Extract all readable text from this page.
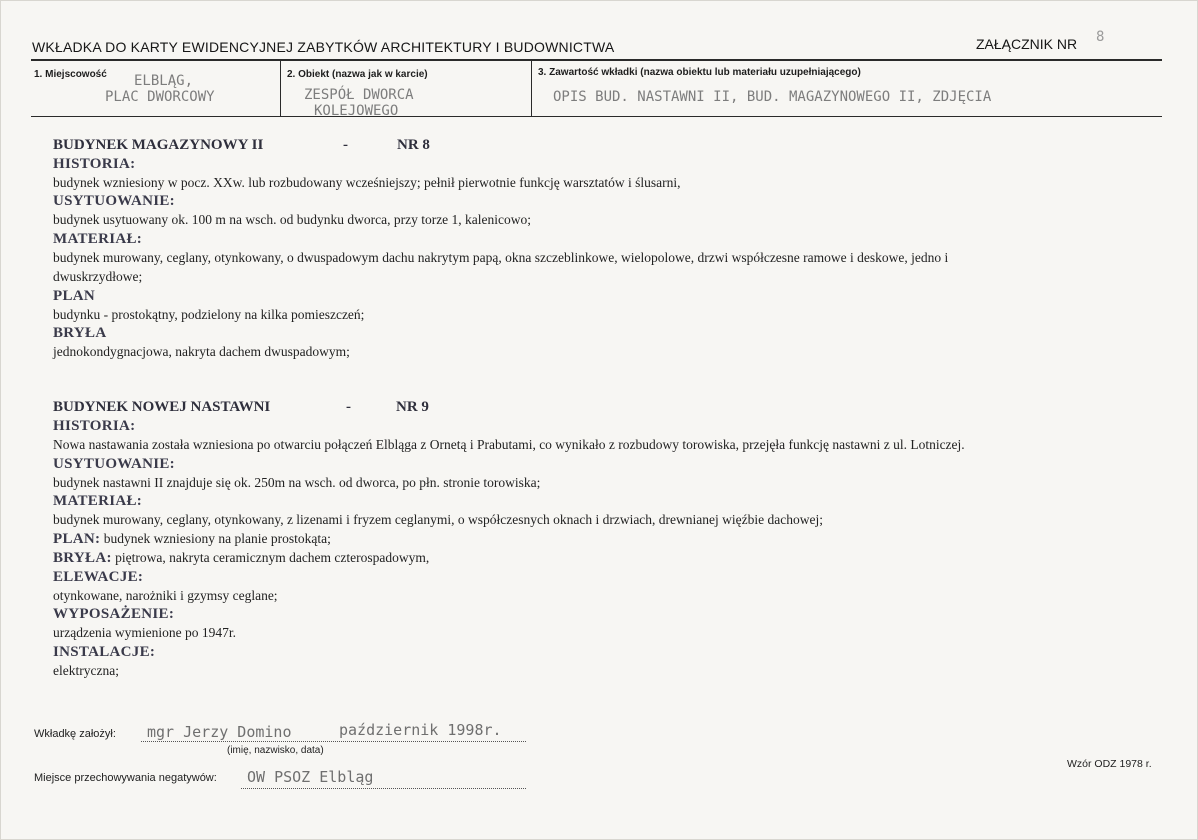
WKŁADKA DO KARTY EWIDENCYJNEJ ZABYTKÓW ARCHITEKTURY I BUDOWNICTWA	ZAŁĄCZNIK NR 8
1. Miejscowość ELBLĄG,
PLAC DWORCOWY
2. Obiekt (nazwa jak w karcie)
ZESPÓŁ DWORCA
KOLEJOWEGO
3. Zawartość wkładki (nazwa obiektu lub materiału uzupełniającego)
OPIS BUD. NASTAWNI II, BUD. MAGAZYNOWEGO II, ZDJĘCIA
BUDYNEK MAGAZYNOWY II	-	NR 8
HISTORIA:
budynek wzniesiony w pocz. XXw. lub rozbudowany wcześniejszy; pełnił pierwotnie funkcję warsztatów i ślusarni,
USYTUOWANIE:
budynek usytuowany ok. 100 m na wsch. od budynku dworca, przy torze 1, kalenicowo;
MATERIAŁ:
budynek murowany, ceglany, otynkowany, o dwuspadowym dachu nakrytym papą, okna szczeblinkowe, wielopolowe, drzwi współczesne ramowe i deskowe, jedno i
dwuskrzydłowe;
PLAN
budynku - prostokątny, podzielony na kilka pomieszczeń;
BRYŁA
jednokondygnacjowa, nakryta dachem dwuspadowym;
BUDYNEK NOWEJ NASTAWNI	-	NR 9
HISTORIA:
Nowa nastawania została wzniesiona po otwarciu połączeń Elbląga z Ornetą i Prabutami, co wynikało z rozbudowy torowiska, przejęła funkcję nastawni z ul. Lotniczej.
USYTUOWANIE:
budynek nastawni II znajduje się ok. 250m na wsch. od dworca, po płn. stronie torowiska;
MATERIAŁ:
budynek murowany, ceglany, otynkowany, z lizenami i fryzem ceglanymi, o współczesnych oknach i drzwiach, drewnianej więźbie dachowej;
PLAN: budynek wzniesiony na planie prostokąta;
BRYŁA: piętrowa, nakryta ceramicznym dachem czterospadowym,
ELEWACJE:
otynkowane, narożniki i gzymsy ceglane;
WYPOSAŻENIE:
urządzenia wymienione po 1947r.
INSTALACJE:
elektryczna;
Wkładkę założył: mgr Jerzy Domino	październik 1998r.
(imię, nazwisko, data)
Miejsce przechowywania negatywów: OW PSOZ Elbląg
Wzór ODZ 1978 r.
